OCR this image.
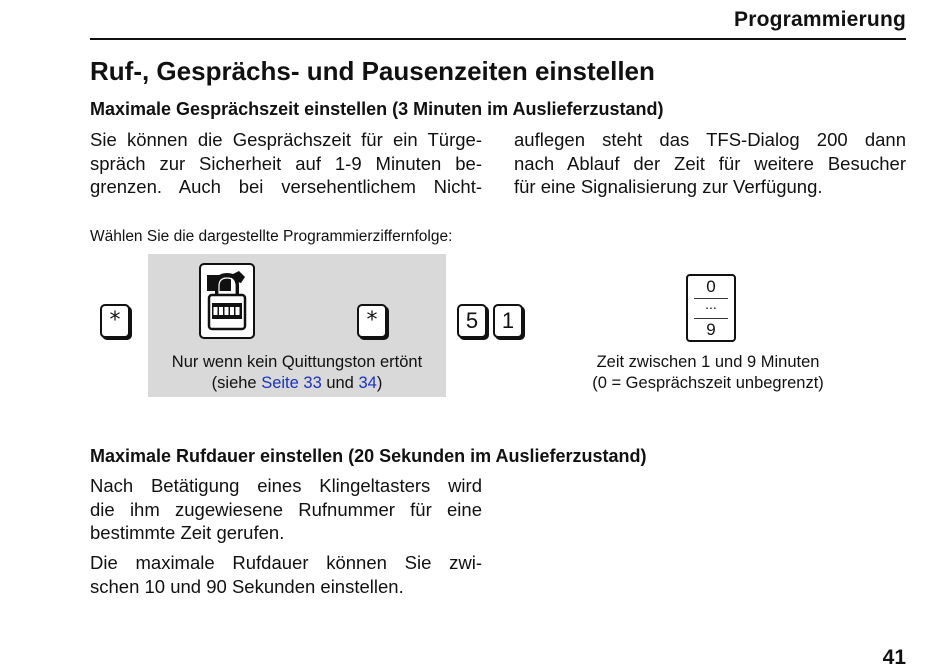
Programmierung
Ruf-, Gesprächs- und Pausenzeiten einstellen
Maximale Gesprächszeit einstellen (3 Minuten im Auslieferzustand)

Sie können die Gesprächszeit für ein Türge-
spräch zur Sicherheit auf 1-9 Minuten be-
grenzen. Auch bei versehentlichem Nicht-

auflegen steht das TFS-Dialog 200 dann
nach Ablauf der Zeit für weitere Besucher
für eine Signalisierung zur Verfügung.

Wählen Sie die dargestellte Programmierziffernfolge:
*	*	5	1
Nur wenn kein Quittungston ertönt
(siehe Seite 33 und 34)
0
...
9
Zeit zwischen 1 und 9 Minuten
(0 = Gesprächszeit unbegrenzt)
Maximale Rufdauer einstellen (20 Sekunden im Auslieferzustand)

Nach Betätigung eines Klingeltasters wird
die ihm zugewiesene Rufnummer für eine
bestimmte Zeit gerufen.

Die maximale Rufdauer können Sie zwi-
schen 10 und 90 Sekunden einstellen.

41
